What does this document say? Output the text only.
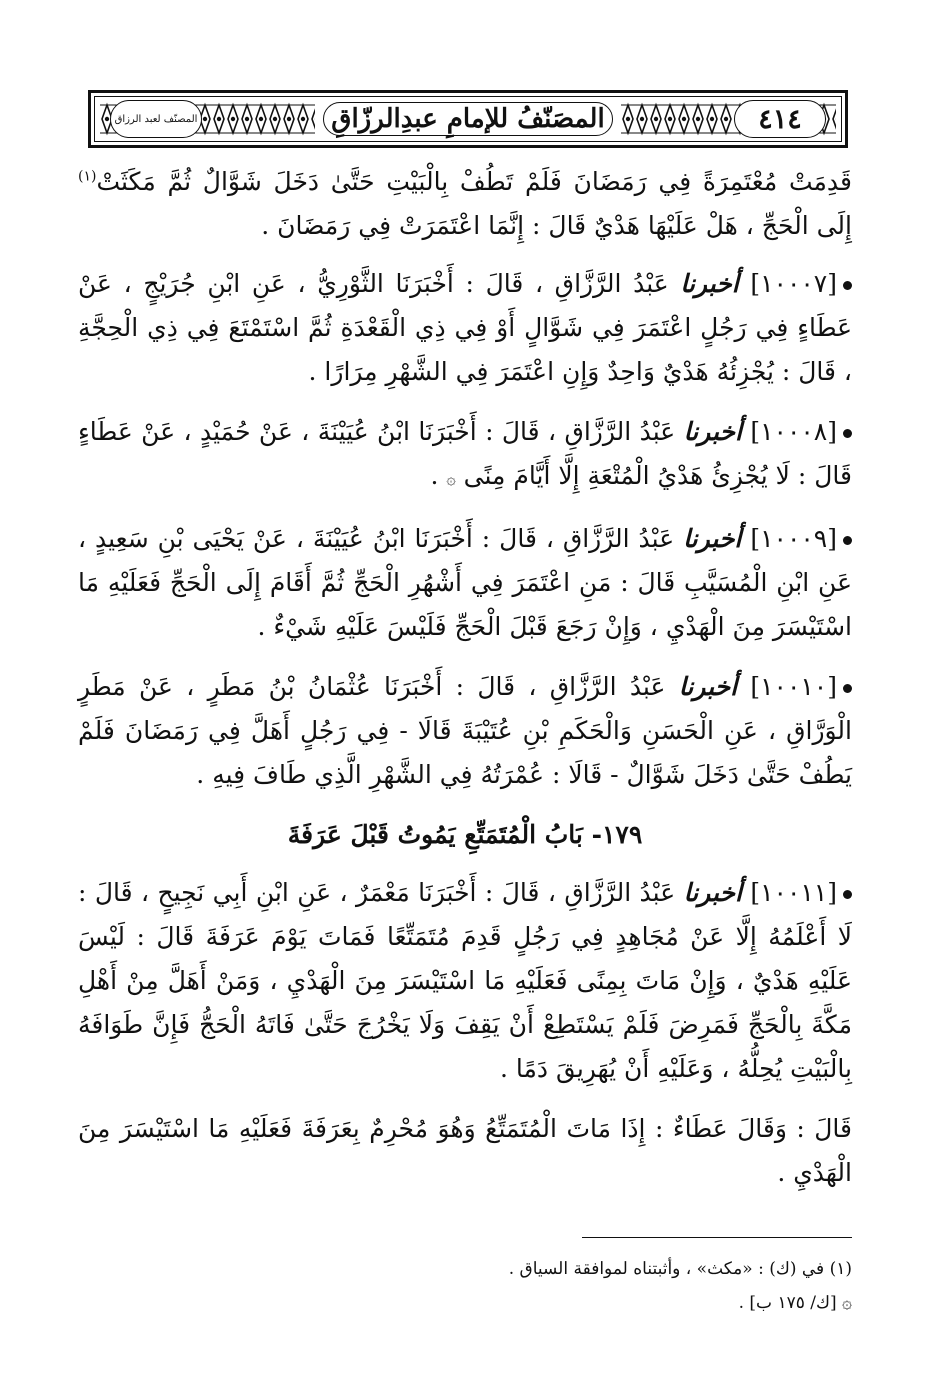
المصنّف لعبد الرزاق	المصَنّفُ للإمامِ عبدِالرزّاقِ	٤١٤

قَدِمَتْ مُعْتَمِرَةً فِي رَمَضَانَ فَلَمْ تَطُفْ بِالْبَيْتِ حَتَّىٰ دَخَلَ شَوَّالٌ ثُمَّ مَكَثَتْ$^{(١)}$ إِلَى الْحَجِّ ، هَلْ عَلَيْهَا هَدْيٌ قَالَ : إِنَّمَا اعْتَمَرَتْ فِي رَمَضَانَ .

[١٠٠٠٧] أخبرنا عَبْدُ الرَّزَّاقِ ، قَالَ : أَخْبَرَنَا الثَّوْرِيُّ ، عَنِ ابْنِ جُرَيْجٍ ، عَنْ عَطَاءٍ فِي رَجُلٍ اعْتَمَرَ فِي شَوَّالٍ أَوْ فِي ذِي الْقَعْدَةِ ثُمَّ اسْتَمْتَعَ فِي ذِي الْحِجَّةِ ، قَالَ : يُجْزِئُهُ هَدْيٌ وَاحِدٌ وَإِنِ اعْتَمَرَ فِي الشَّهْرِ مِرَارًا .

[١٠٠٠٨] أخبرنا عَبْدُ الرَّزَّاقِ ، قَالَ : أَخْبَرَنَا ابْنُ عُيَيْنَةَ ، عَنْ حُمَيْدٍ ، عَنْ عَطَاءٍ قَالَ : لَا يُجْزِئُ هَدْيُ الْمُتْعَةِ إِلَّا أَيَّامَ مِنًى ۞ .

[١٠٠٠٩] أخبرنا عَبْدُ الرَّزَّاقِ ، قَالَ : أَخْبَرَنَا ابْنُ عُيَيْنَةَ ، عَنْ يَحْيَى بْنِ سَعِيدٍ ، عَنِ ابْنِ الْمُسَيَّبِ قَالَ : مَنِ اعْتَمَرَ فِي أَشْهُرِ الْحَجِّ ثُمَّ أَقَامَ إِلَى الْحَجِّ فَعَلَيْهِ مَا اسْتَيْسَرَ مِنَ الْهَدْيِ ، وَإِنْ رَجَعَ قَبْلَ الْحَجِّ فَلَيْسَ عَلَيْهِ شَيْءٌ .

[١٠٠١٠] أخبرنا عَبْدُ الرَّزَّاقِ ، قَالَ : أَخْبَرَنَا عُثْمَانُ بْنُ مَطَرٍ ، عَنْ مَطَرٍ الْوَرَّاقِ ، عَنِ الْحَسَنِ وَالْحَكَمِ بْنِ عُتَيْبَةَ قَالَا - فِي رَجُلٍ أَهَلَّ فِي رَمَضَانَ فَلَمْ يَطُفْ حَتَّىٰ دَخَلَ شَوَّالٌ - قَالَا : عُمْرَتُهُ فِي الشَّهْرِ الَّذِي طَافَ فِيهِ .

١٧٩- بَابُ الْمُتَمَتِّعِ يَمُوتُ قَبْلَ عَرَفَةَ

[١٠٠١١] أخبرنا عَبْدُ الرَّزَّاقِ ، قَالَ : أَخْبَرَنَا مَعْمَرٌ ، عَنِ ابْنِ أَبِي نَجِيحٍ ، قَالَ : لَا أَعْلَمُهُ إِلَّا عَنْ مُجَاهِدٍ فِي رَجُلٍ قَدِمَ مُتَمَتِّعًا فَمَاتَ يَوْمَ عَرَفَةَ قَالَ : لَيْسَ عَلَيْهِ هَدْيٌ ، وَإِنْ مَاتَ بِمِنًى فَعَلَيْهِ مَا اسْتَيْسَرَ مِنَ الْهَدْيِ ، وَمَنْ أَهَلَّ مِنْ أَهْلِ مَكَّةَ بِالْحَجِّ فَمَرِضَ فَلَمْ يَسْتَطِعْ أَنْ يَقِفَ وَلَا يَخْرُجَ حَتَّىٰ فَاتَهُ الْحَجُّ فَإِنَّ طَوَافَهُ بِالْبَيْتِ يُحِلُّهُ ، وَعَلَيْهِ أَنْ يُهَرِيقَ دَمًا .

قَالَ : وَقَالَ عَطَاءٌ : إِذَا مَاتَ الْمُتَمَتِّعُ وَهُوَ مُحْرِمٌ بِعَرَفَةَ فَعَلَيْهِ مَا اسْتَيْسَرَ مِنَ الْهَدْيِ .

(١) في (ك) : «مكث» ، وأثبتناه لموافقة السياق .

۞ [ك/ ١٧٥ ب] .
